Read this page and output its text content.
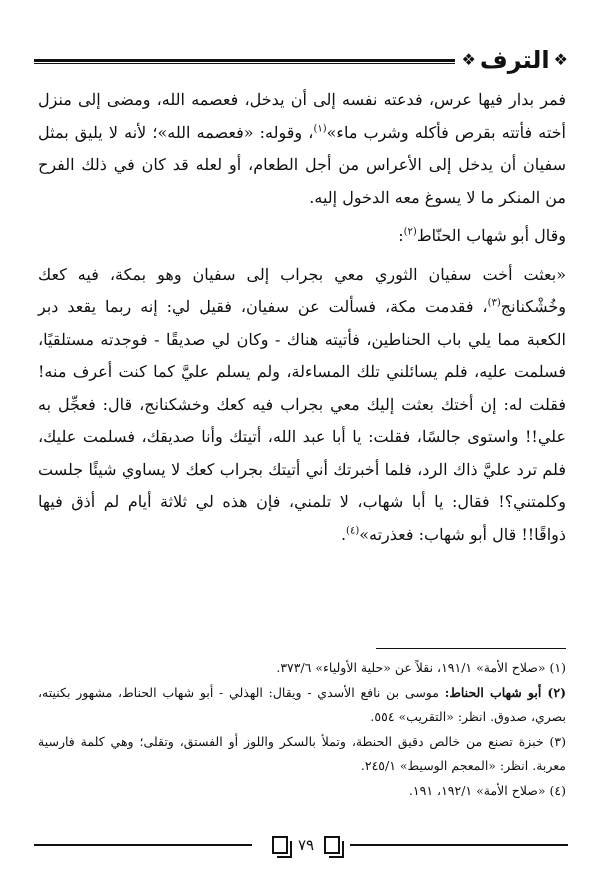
❖
الترف
❖

فمر بدار فيها عرس، فدعته نفسه إلى أن يدخل، فعصمه الله، ومضى إلى منزل أخته فأتته بقرص فأكله وشرب ماء»$^{(١)}$، وقوله: «فعصمه الله»؛ لأنه لا يليق بمثل سفيان أن يدخل إلى الأعراس من أجل الطعام، أو لعله قد كان في ذلك الفرح من المنكر ما لا يسوغ معه الدخول إليه.

وقال أبو شهاب الحنّاط$^{(٢)}$:

«بعثت أخت سفيان الثوري معي بجراب إلى سفيان وهو بمكة، فيه كعك وخُشْكنانج$^{(٣)}$، فقدمت مكة، فسألت عن سفيان، فقيل لي: إنه ربما يقعد دبر الكعبة مما يلي باب الحناطين، فأتيته هناك - وكان لي صديقًا - فوجدته مستلقيًا، فسلمت عليه، فلم يسائلني تلك المساءلة، ولم يسلم عليَّ كما كنت أعرف منه! فقلت له: إن أختك بعثت إليك معي بجراب فيه كعك وخشكنانج، قال: فعجِّل به علي!! واستوى جالسًا، فقلت: يا أبا عبد الله، أتيتك وأنا صديقك، فسلمت عليك، فلم ترد عليَّ ذاك الرد، فلما أخبرتك أني أتيتك بجراب كعك لا يساوي شيئًا جلست وكلمتني؟! فقال: يا أبا شهاب، لا تلمني، فإن هذه لي ثلاثة أيام لم أذق فيها ذواقًا!! قال أبو شهاب: فعذرته»$^{(٤)}$.

(١) «صلاح الأمة» ١٩١/١، نقلاً عن «حلية الأولياء» ٣٧٣/٦.

(٢) أبو شهاب الحناط: موسى بن نافع الأسدي - ويقال: الهذلي - أبو شهاب الحناط، مشهور بكنيته، بصري، صدوق. انظر: «التقريب» ٥٥٤.

(٣) خبزة تصنع من خالص دقيق الحنطة، وتملأ بالسكر واللوز أو الفستق، وتقلى؛ وهي كلمة فارسية معربة. انظر: «المعجم الوسيط» ٢٤٥/١.

(٤) «صلاح الأمة» ١٩٢/١، ١٩١.

٧٩
